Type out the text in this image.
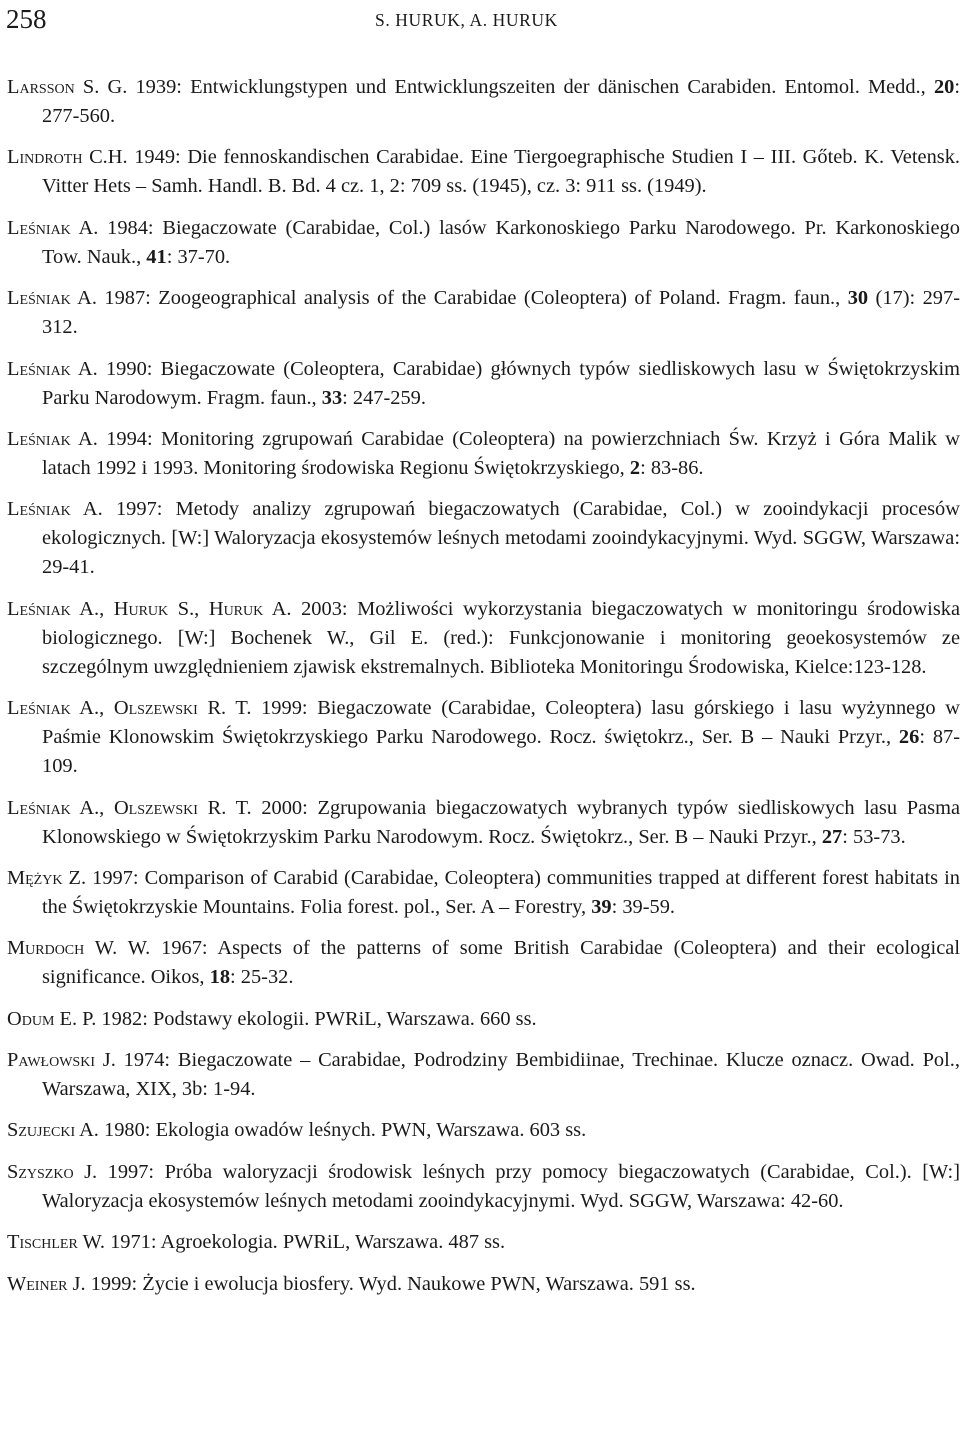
258	S. HURUK, A. HURUK

Larsson S. G. 1939: Entwicklungstypen und Entwicklungszeiten der dänischen Carabiden. Entomol. Medd., 20: 277-560.

Lindroth C.H. 1949: Die fennoskandischen Carabidae. Eine Tiergoegraphische Studien I – III. Gőteb. K. Vetensk. Vitter Hets – Samh. Handl. B. Bd. 4 cz. 1, 2: 709 ss. (1945), cz. 3: 911 ss. (1949).

Leśniak A. 1984: Biegaczowate (Carabidae, Col.) lasów Karkonoskiego Parku Narodowego. Pr. Karkonoskiego Tow. Nauk., 41: 37-70.

Leśniak A. 1987: Zoogeographical analysis of the Carabidae (Coleoptera) of Poland. Fragm. faun., 30 (17): 297-312.

Leśniak A. 1990: Biegaczowate (Coleoptera, Carabidae) głównych typów siedliskowych lasu w Świętokrzyskim Parku Narodowym. Fragm. faun., 33: 247-259.

Leśniak A. 1994: Monitoring zgrupowań Carabidae (Coleoptera) na powierzchniach Św. Krzyż i Góra Malik w latach 1992 i 1993. Monitoring środowiska Regionu Świętokrzyskiego, 2: 83-86.

Leśniak A. 1997: Metody analizy zgrupowań biegaczowatych (Carabidae, Col.) w zooindykacji procesów ekologicznych. [W:] Waloryzacja ekosystemów leśnych metodami zooindykacyjnymi. Wyd. SGGW, Warszawa: 29-41.

Leśniak A., Huruk S., Huruk A. 2003: Możliwości wykorzystania biegaczowatych w monitoringu środowiska biologicznego. [W:] Bochenek W., Gil E. (red.): Funkcjonowanie i monitoring geoekosystemów ze szczególnym uwzględnieniem zjawisk ekstremalnych. Biblioteka Monitoringu Środowiska, Kielce:123-128.

Leśniak A., Olszewski R. T. 1999: Biegaczowate (Carabidae, Coleoptera) lasu górskiego i lasu wyżynnego w Paśmie Klonowskim Świętokrzyskiego Parku Narodowego. Rocz. świętokrz., Ser. B – Nauki Przyr., 26: 87-109.

Leśniak A., Olszewski R. T. 2000: Zgrupowania biegaczowatych wybranych typów siedliskowych lasu Pasma Klonowskiego w Świętokrzyskim Parku Narodowym. Rocz. Świętokrz., Ser. B – Nauki Przyr., 27: 53-73.

Mężyk Z. 1997: Comparison of Carabid (Carabidae, Coleoptera) communities trapped at different forest habitats in the Świętokrzyskie Mountains. Folia forest. pol., Ser. A – Forestry, 39: 39-59.

Murdoch W. W. 1967: Aspects of the patterns of some British Carabidae (Coleoptera) and their ecological significance. Oikos, 18: 25-32.

Odum E. P. 1982: Podstawy ekologii. PWRiL, Warszawa. 660 ss.

Pawłowski J. 1974: Biegaczowate – Carabidae, Podrodziny Bembidiinae, Trechinae. Klucze oznacz. Owad. Pol., Warszawa, XIX, 3b: 1-94.

Szujecki A. 1980: Ekologia owadów leśnych. PWN, Warszawa. 603 ss.

Szyszko J. 1997: Próba waloryzacji środowisk leśnych przy pomocy biegaczowatych (Carabidae, Col.). [W:] Waloryzacja ekosystemów leśnych metodami zooindykacyjnymi. Wyd. SGGW, Warszawa: 42-60.

Tischler W. 1971: Agroekologia. PWRiL, Warszawa. 487 ss.

Weiner J. 1999: Życie i ewolucja biosfery. Wyd. Naukowe PWN, Warszawa. 591 ss.
